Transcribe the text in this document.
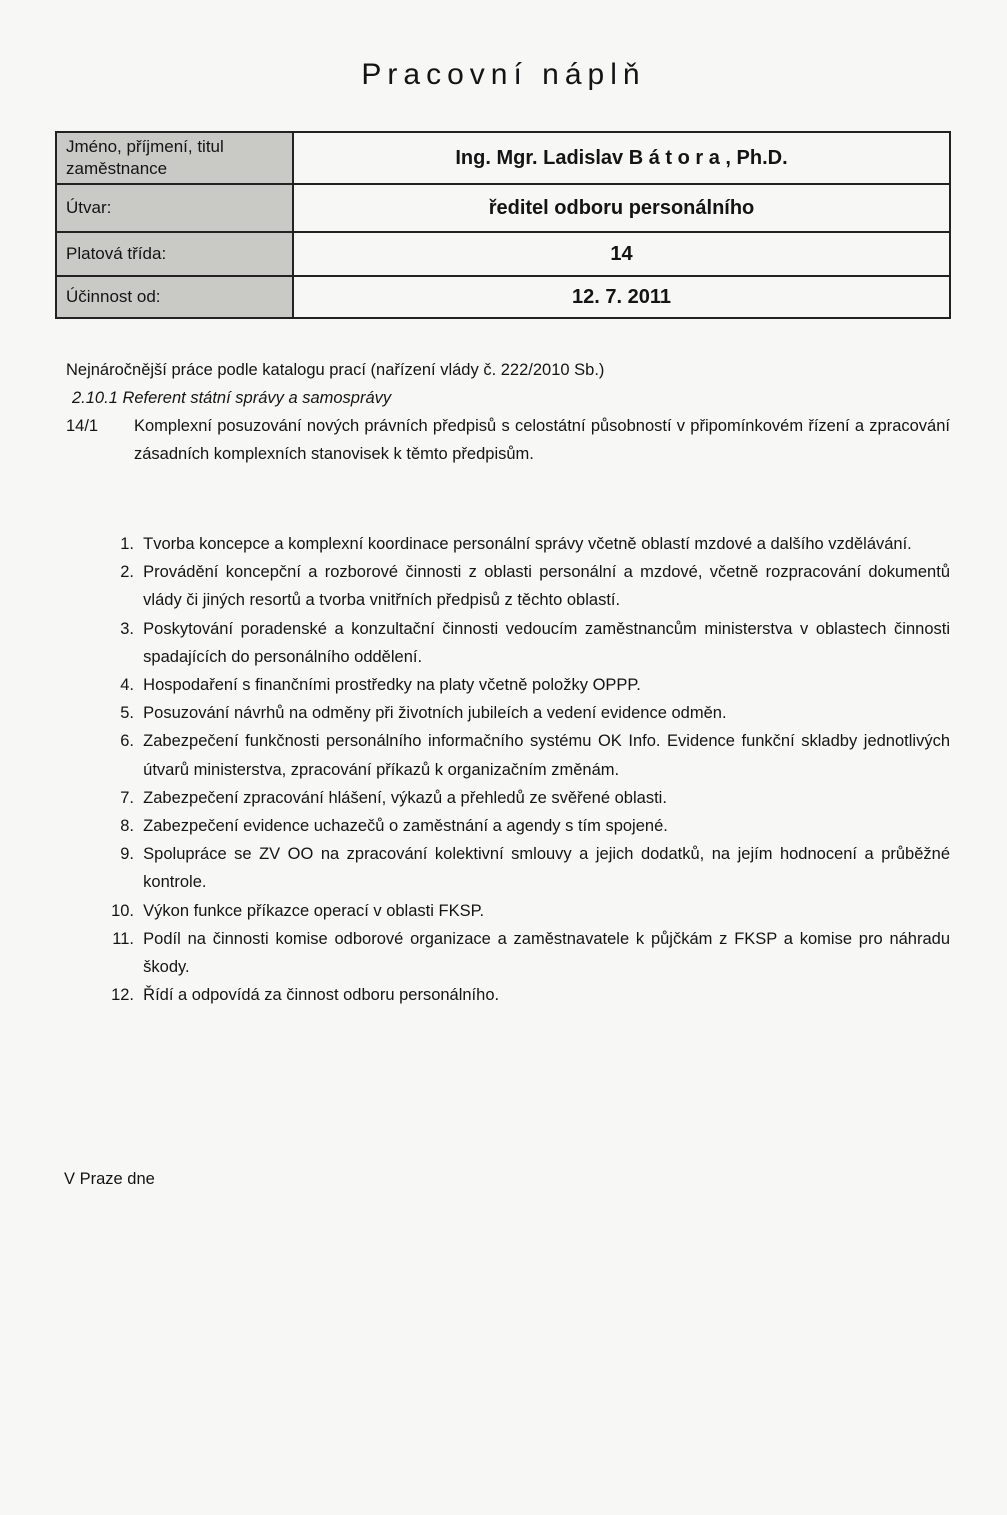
Pracovní náplň
Jméno, příjmení, titul zaměstnance	Ing. Mgr. Ladislav B á t o r a , Ph.D.
Útvar:	ředitel odboru personálního
Platová třída:	14
Účinnost od:	12. 7. 2011
Nejnáročnější práce podle katalogu prací (nařízení vlády č. 222/2010 Sb.)
2.10.1 Referent státní správy a samosprávy
14/1 Komplexní posuzování nových právních předpisů s celostátní působností v připomínkovém řízení a zpracování zásadních komplexních stanovisek k těmto předpisům.
1.
Tvorba koncepce a komplexní koordinace personální správy včetně oblastí mzdové a dalšího vzdělávání.
2.
Provádění koncepční a rozborové činnosti z oblasti personální a mzdové, včetně rozpracování dokumentů vlády či jiných resortů a tvorba vnitřních předpisů z těchto oblastí.
3.
Poskytování poradenské a konzultační činnosti vedoucím zaměstnancům ministerstva v oblastech činnosti spadajících do personálního oddělení.
4.
Hospodaření s finančními prostředky na platy včetně položky OPPP.
5.
Posuzování návrhů na odměny při životních jubileích a vedení evidence odměn.
6.
Zabezpečení funkčnosti personálního informačního systému OK Info. Evidence funkční skladby jednotlivých útvarů ministerstva, zpracování příkazů k organizačním změnám.
7.
Zabezpečení zpracování hlášení, výkazů a přehledů ze svěřené oblasti.
8.
Zabezpečení evidence uchazečů o zaměstnání a agendy s tím spojené.
9.
Spolupráce se ZV OO na zpracování kolektivní smlouvy a jejich dodatků, na jejím hodnocení a průběžné kontrole.
10.
Výkon funkce příkazce operací v oblasti FKSP.
11.
Podíl na činnosti komise odborové organizace a zaměstnavatele k půjčkám z FKSP a komise pro náhradu škody.
12.
Řídí a odpovídá za činnost odboru personálního.
V Praze dne
